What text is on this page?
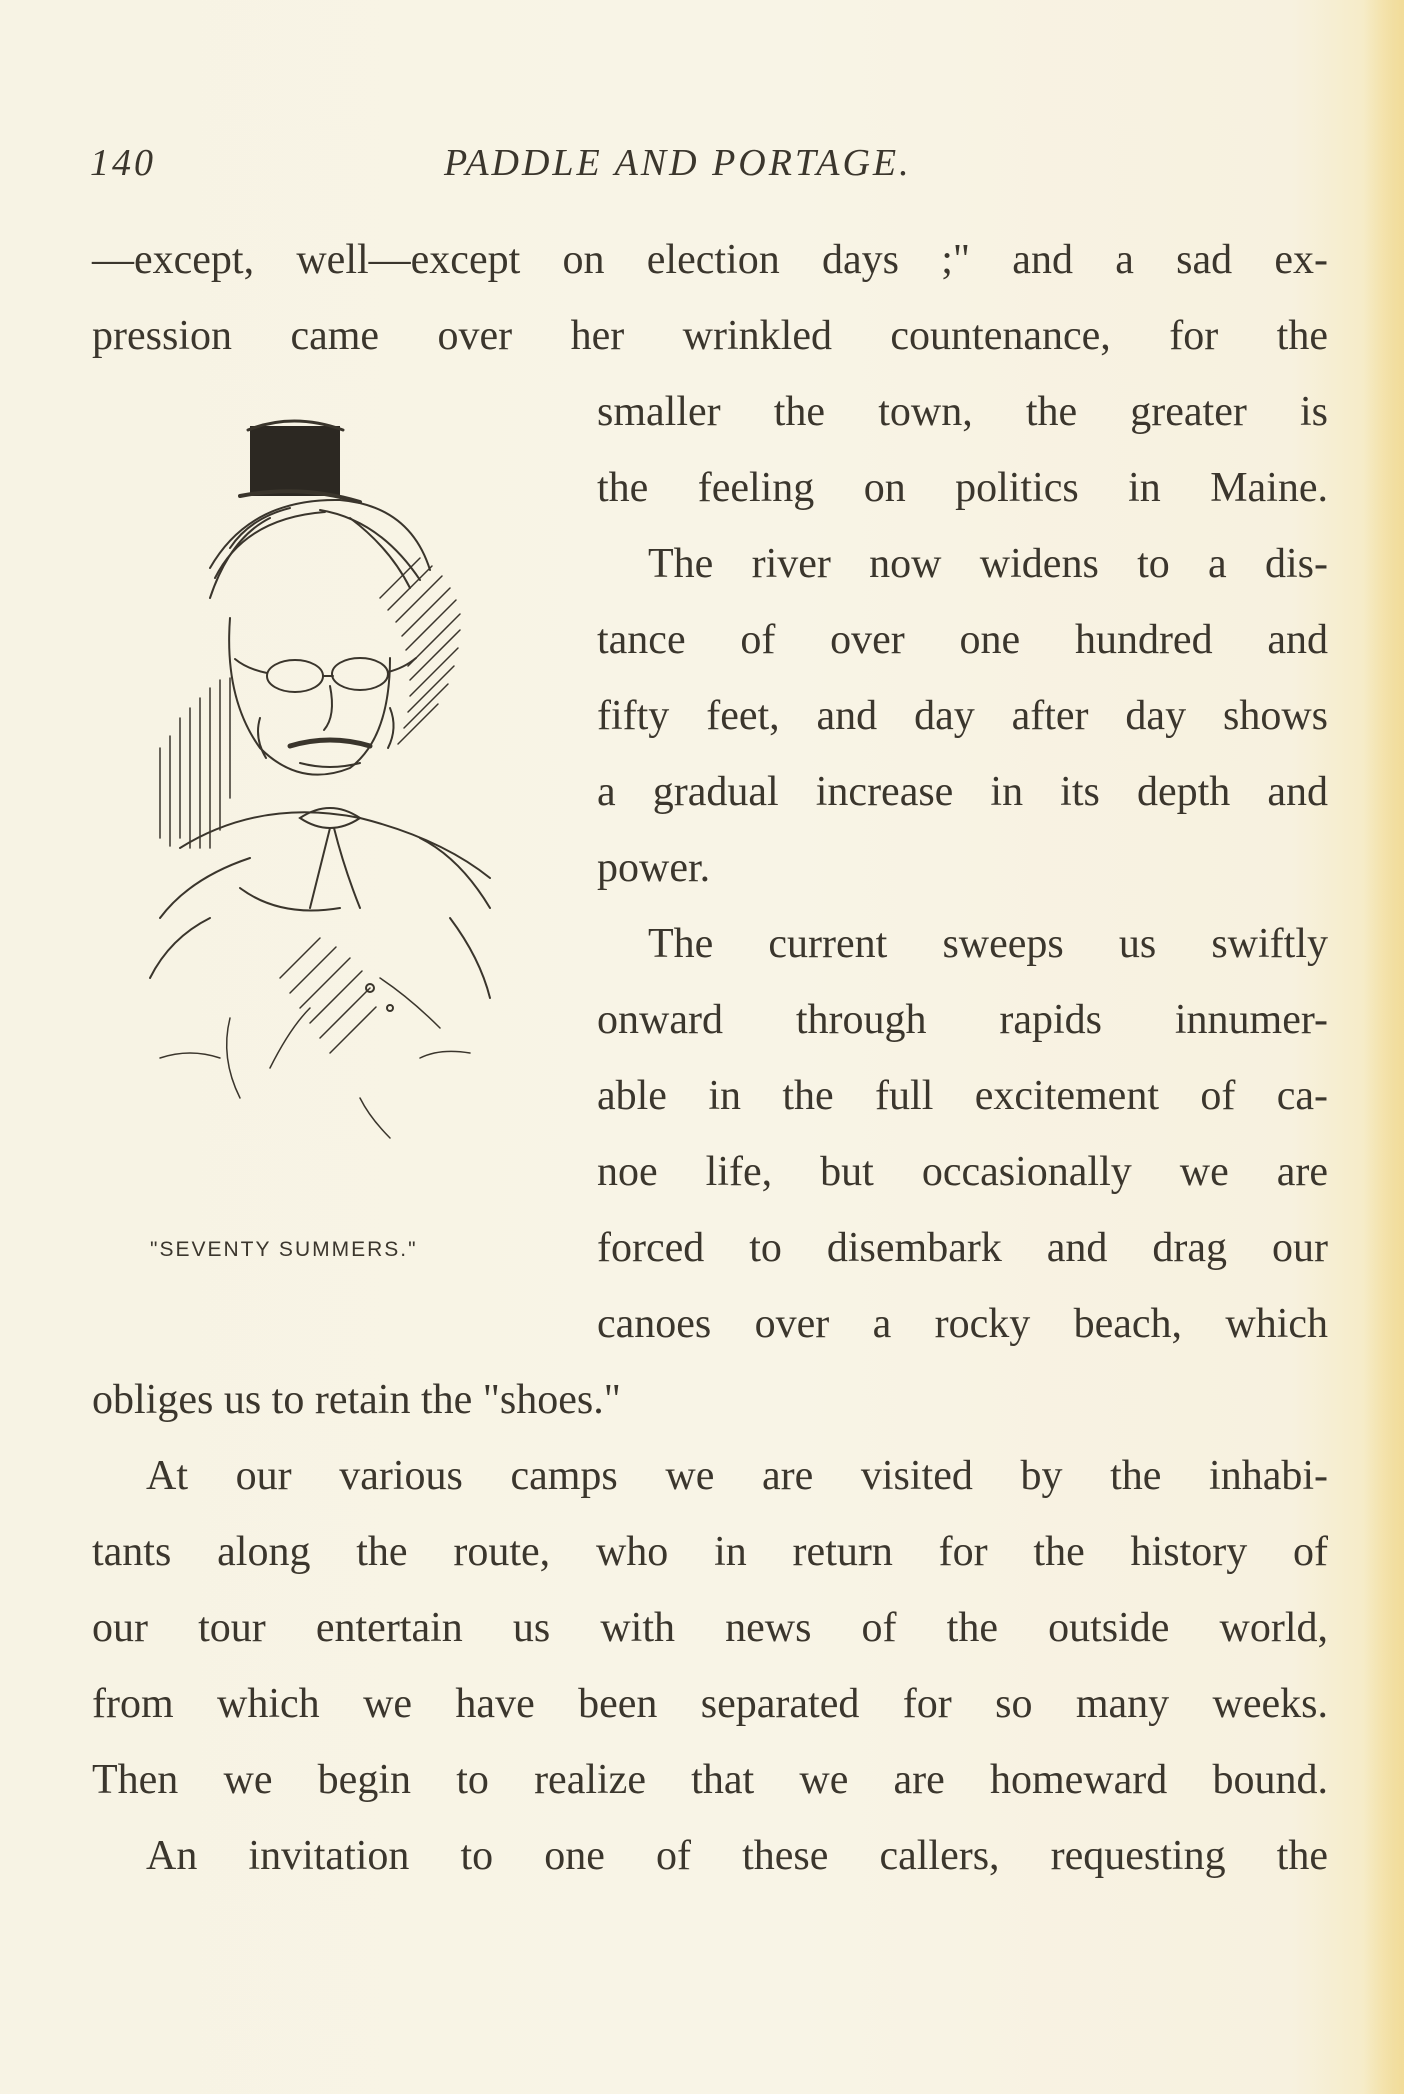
140	PADDLE AND PORTAGE.
"SEVENTY SUMMERS."
—except, well—except on election days ;" and a sad ex-
pression came over her wrinkled countenance, for the
smaller the town, the greater is
the feeling on politics in Maine.
The river now widens to a dis-
tance of over one hundred and
fifty feet, and day after day shows
a gradual increase in its depth and
power.
The current sweeps us swiftly
onward through rapids innumer-
able in the full excitement of ca-
noe life, but occasionally we are
forced to disembark and drag our
canoes over a rocky beach, which
obliges us to retain the "shoes."
At our various camps we are visited by the inhabi-
tants along the route, who in return for the history of
our tour entertain us with news of the outside world,
from which we have been separated for so many weeks.
Then we begin to realize that we are homeward bound.
An invitation to one of these callers, requesting the
